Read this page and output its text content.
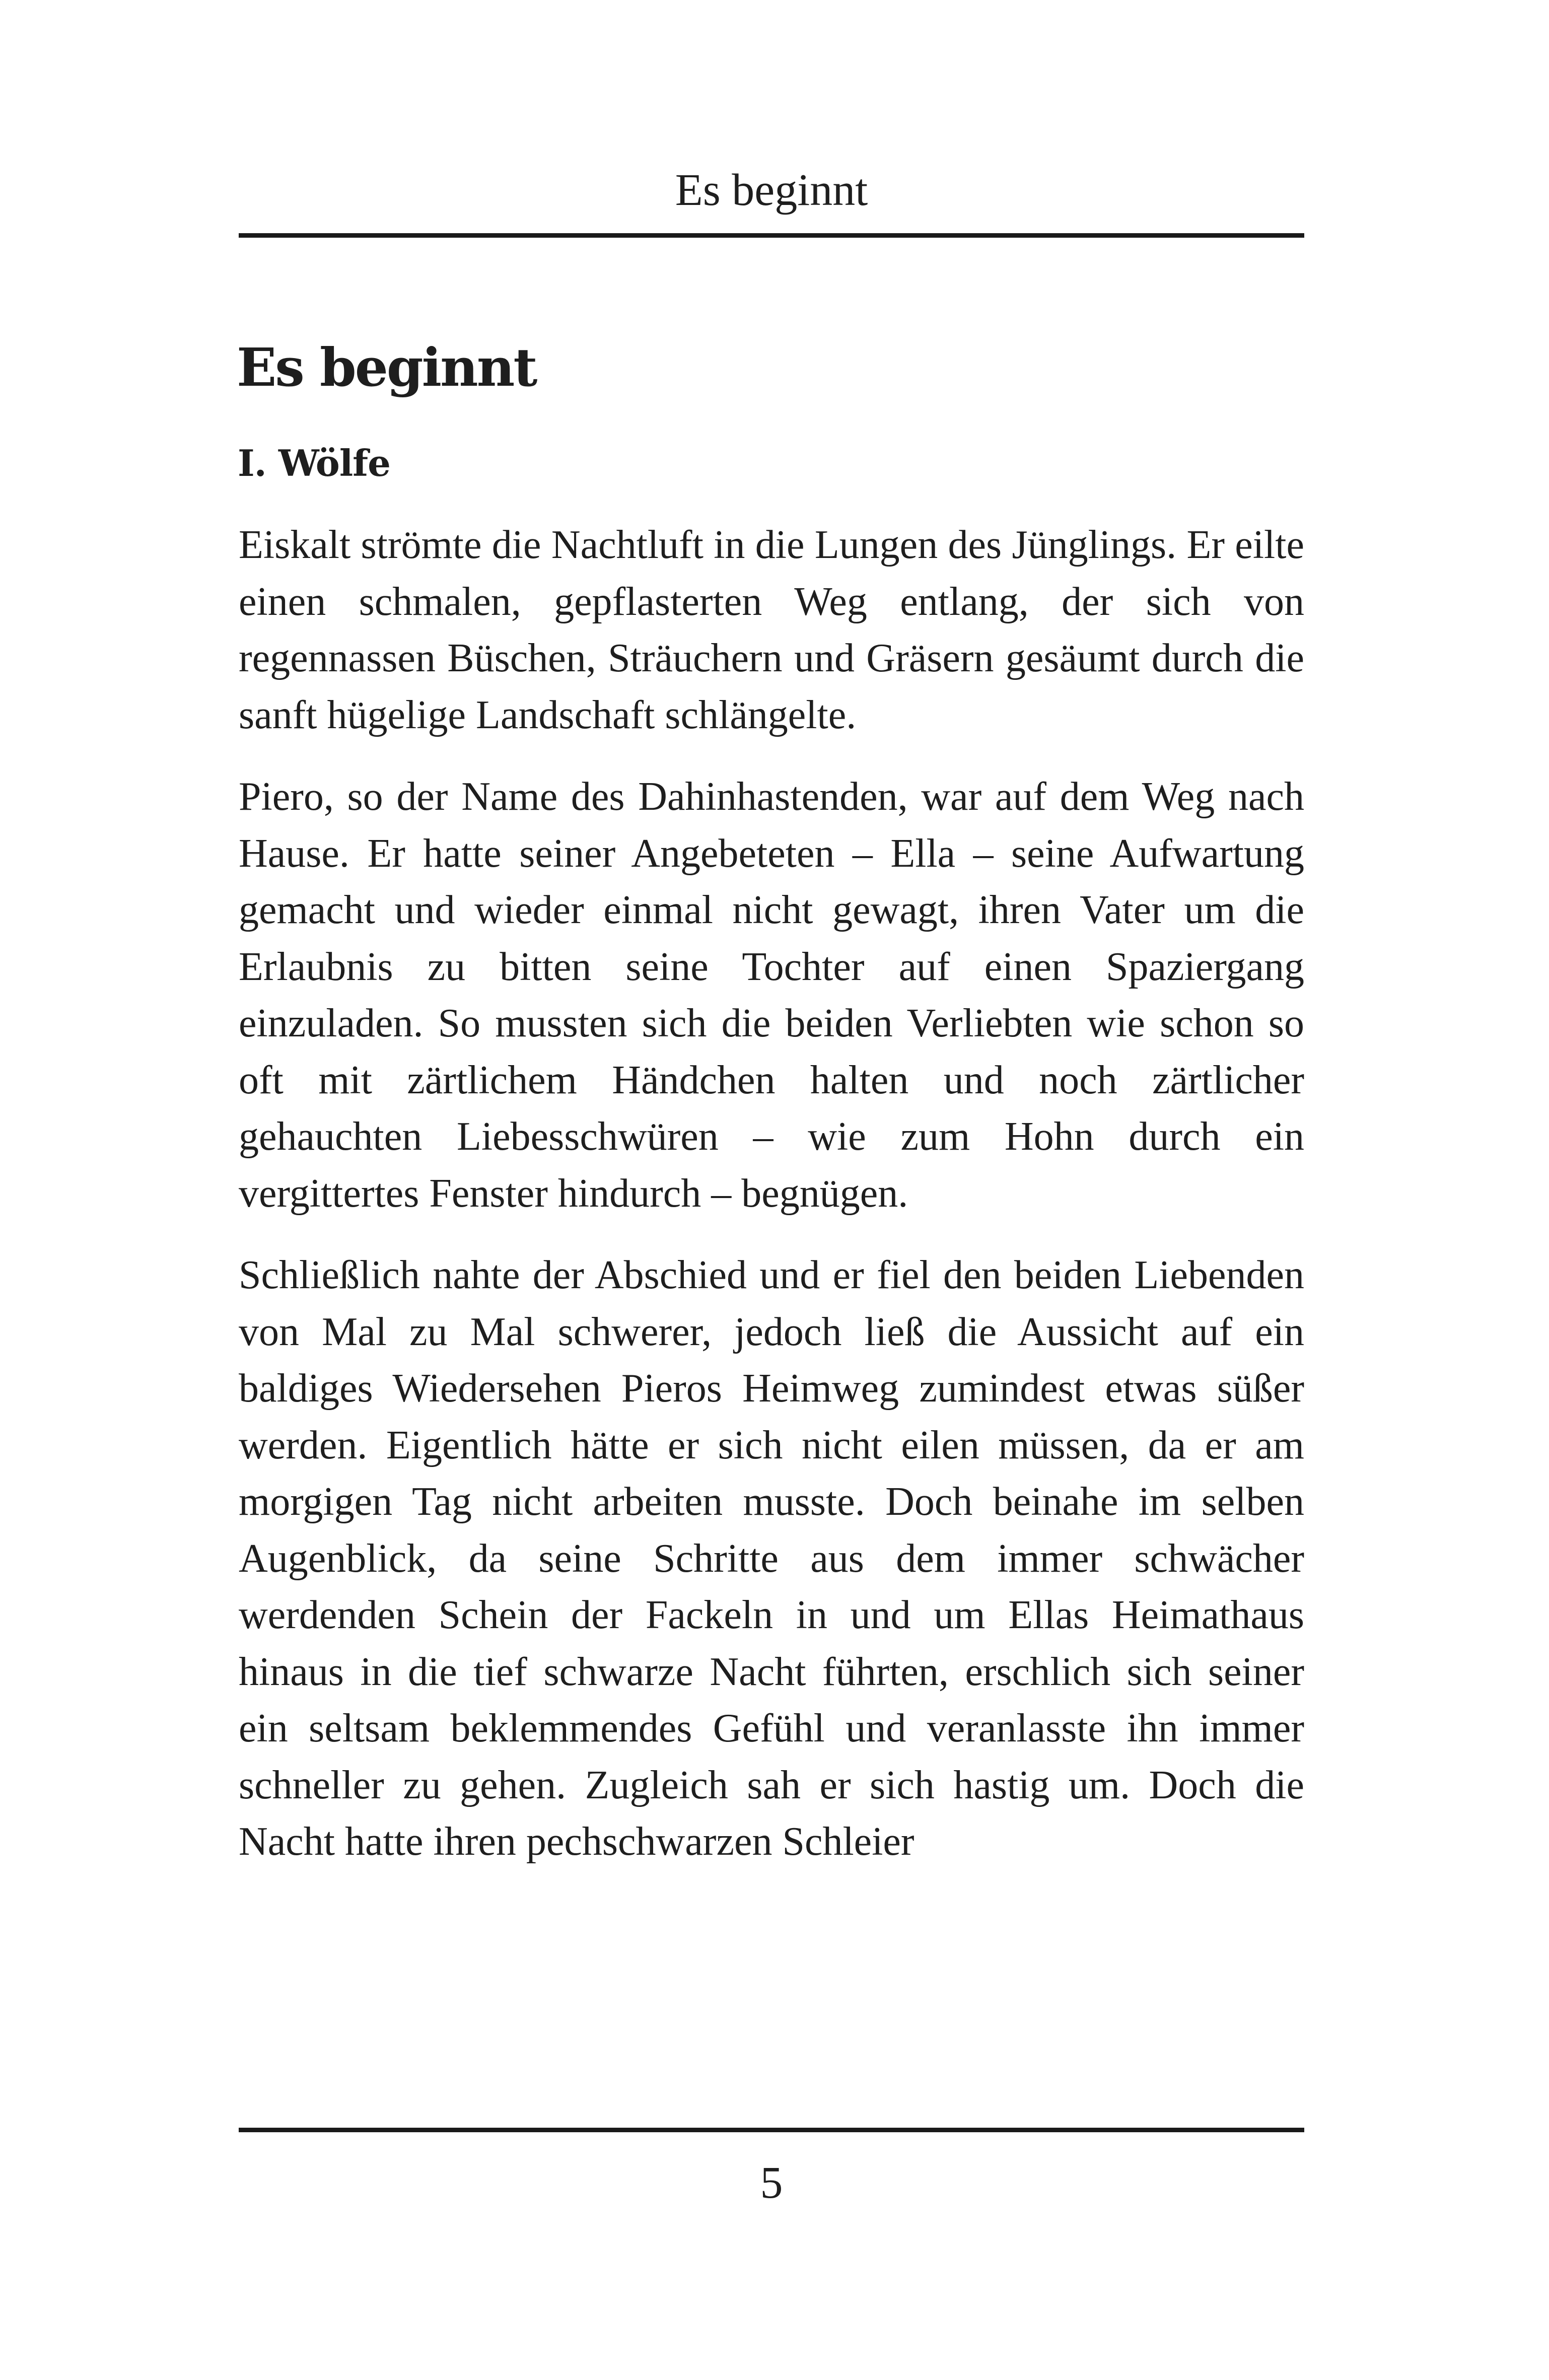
Es beginnt
Es beginnt
I. Wölfe

Eiskalt strömte die Nachtluft in die Lungen des Jünglings. Er eilte einen schmalen, gepflasterten Weg entlang, der sich von regennassen Büschen, Sträuchern und Gräsern gesäumt durch die sanft hügelige Landschaft schlängelte.

Piero, so der Name des Dahinhastenden, war auf dem Weg nach Hause. Er hatte seiner Angebeteten – Ella – seine Aufwartung gemacht und wieder einmal nicht gewagt, ihren Vater um die Erlaubnis zu bitten seine Tochter auf einen Spaziergang einzuladen. So mussten sich die beiden Verliebten wie schon so oft mit zärtlichem Händchen halten und noch zärtlicher gehauchten Liebesschwüren – wie zum Hohn durch ein vergittertes Fenster hindurch – begnügen.

Schließlich nahte der Abschied und er fiel den beiden Liebenden von Mal zu Mal schwerer, jedoch ließ die Aussicht auf ein baldiges Wiedersehen Pieros Heimweg zumindest etwas süßer werden. Eigentlich hätte er sich nicht eilen müssen, da er am morgigen Tag nicht arbeiten musste. Doch beinahe im selben Augenblick, da seine Schritte aus dem immer schwächer werdenden Schein der Fackeln in und um Ellas Heimathaus hinaus in die tief schwarze Nacht führten, erschlich sich seiner ein seltsam beklemmendes Gefühl und veranlasste ihn immer schneller zu gehen. Zugleich sah er sich hastig um. Doch die Nacht hatte ihren pechschwarzen Schleier

5
